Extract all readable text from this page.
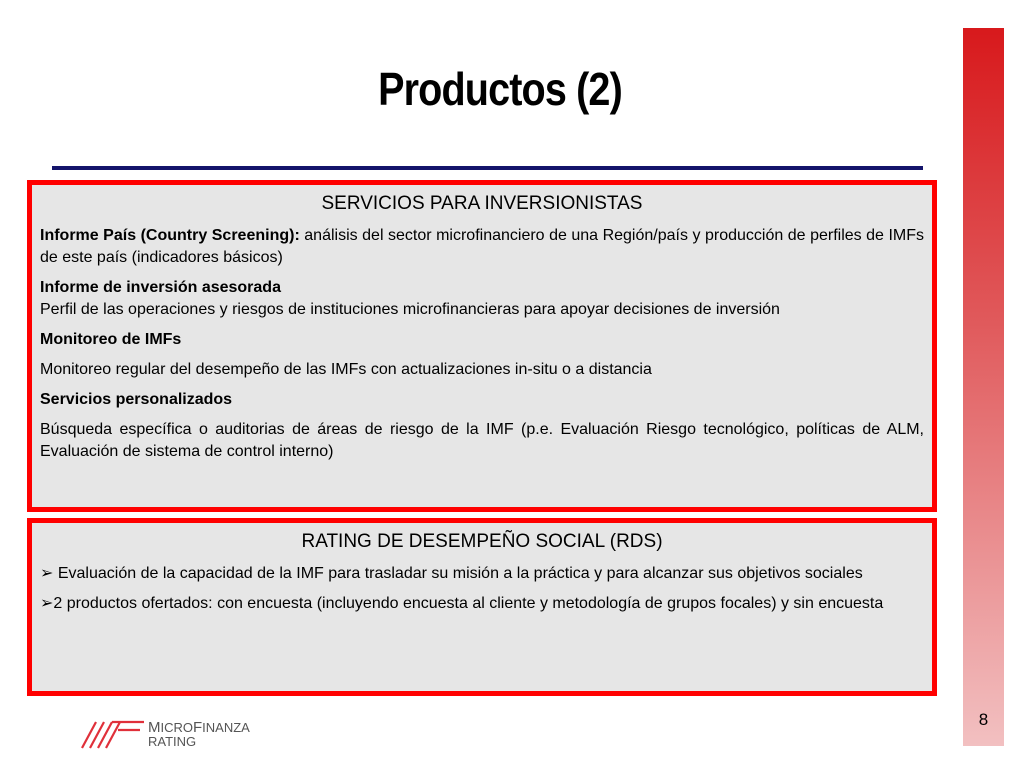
8
Productos (2)
SERVICIOS PARA INVERSIONISTAS

Informe País (Country Screening): análisis del sector microfinanciero de una Región/país y producción de perfiles de IMFs de este país (indicadores básicos)

Informe de inversión asesorada
Perfil de las operaciones y riesgos de instituciones microfinancieras para apoyar decisiones de inversión

Monitoreo de IMFs

Monitoreo regular del desempeño de las IMFs con actualizaciones in-situ o a distancia

Servicios personalizados

Búsqueda específica o auditorias de áreas de riesgo de la IMF (p.e. Evaluación Riesgo tecnológico, políticas de ALM, Evaluación de sistema de control interno)

RATING DE DESEMPEÑO SOCIAL (RDS)

➢ Evaluación de la capacidad de la IMF para trasladar su misión a la práctica y para alcanzar sus objetivos sociales

➢2 productos ofertados: con encuesta (incluyendo encuesta al cliente y metodología de grupos focales) y sin encuesta

MICROFINANZA
RATING
